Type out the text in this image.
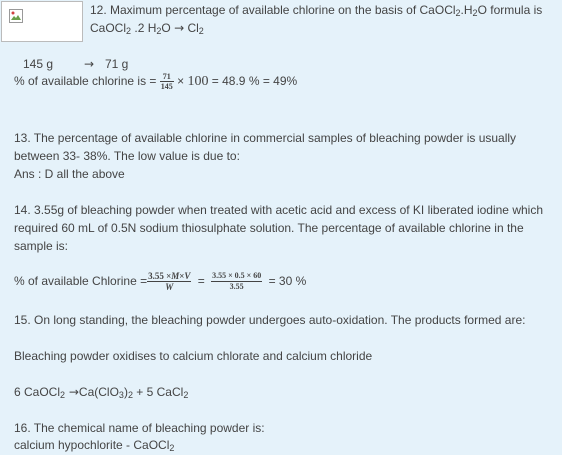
12. Maximum percentage of available chlorine on the basis of $CaOCl_2.H_2O$ formula is
CaOCl$_2$ .2 $H_2O \to Cl_2$
145 g	→ 71 g
% of available chlorine is = $\frac{71}{145} \times 100 = 48.9$ % = 49%
13. The percentage of available chlorine in commercial samples of bleaching powder is usually
between 33- 38%. The low value is due to:
Ans : D all the above
14. 3.55g of bleaching powder when treated with acetic acid and excess of KI liberated iodine which
required 60 mL of 0.5N sodium thiosulphate solution. The percentage of available chlorine in the
sample is:
% of available Chlorine = $\frac{3.55 \times M\times V}{W} = \frac{3.55 \times 0.5 \times 60}{3.55} = 30$ %
15. On long standing, the bleaching powder undergoes auto-oxidation. The products formed are:
Bleaching powder oxidises to calcium chlorate and calcium chloride
6 CaOCl$_2$ $\to Ca(ClO_3)_2 + 5$ CaCl$_2$
16. The chemical name of bleaching powder is:
calcium hypochlorite - CaOCl$_2$
